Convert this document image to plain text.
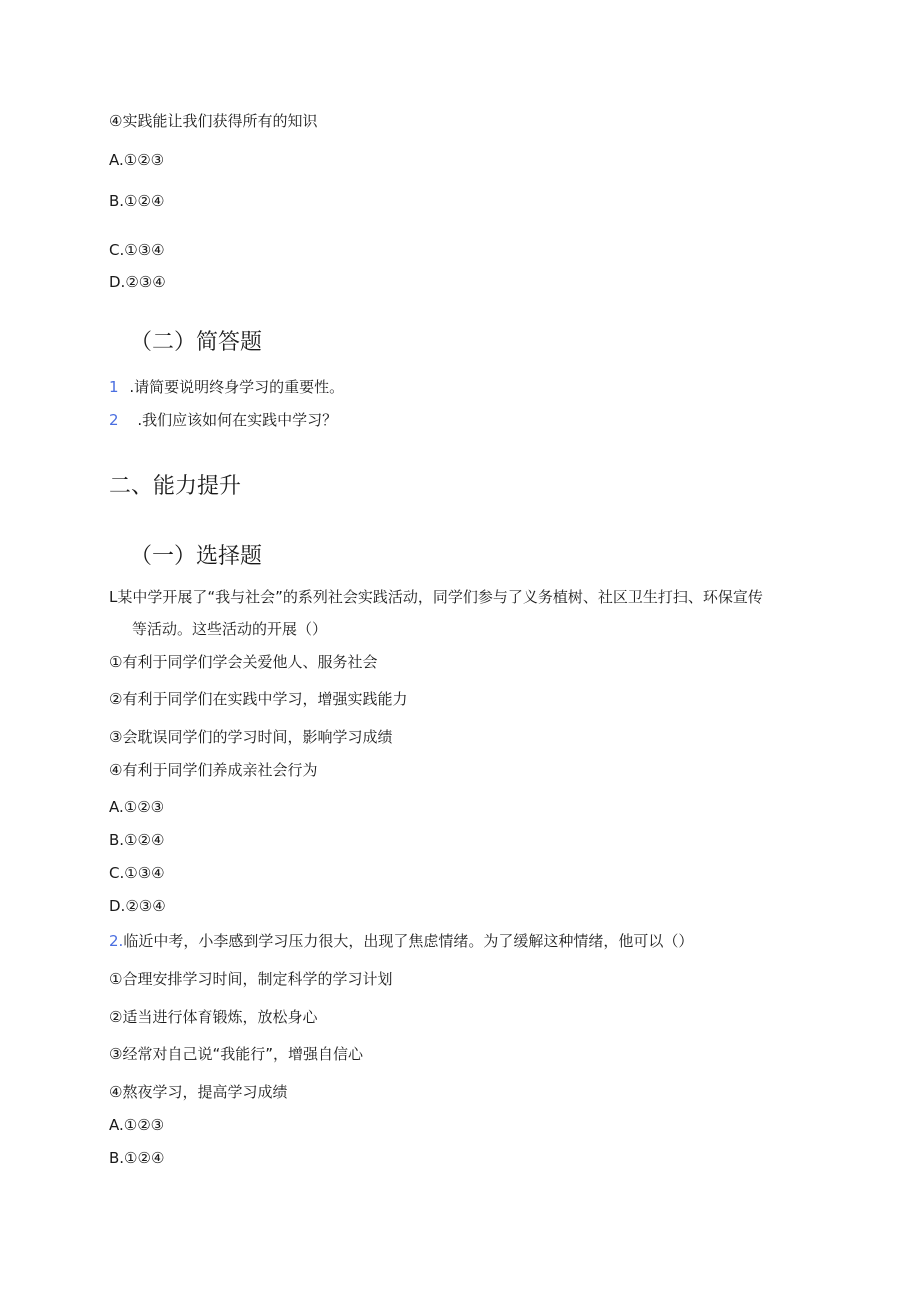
④实践能让我们获得所有的知识
A.①②③
B.①②④
C.①③④
D.②③④
（二）简答题
1 .请简要说明终身学习的重要性。
2 .我们应该如何在实践中学习？
二、能力提升
（一）选择题
L某中学开展了“我与社会”的系列社会实践活动，同学们参与了义务植树、社区卫生打扫、环保宣传
等活动。这些活动的开展（）
①有利于同学们学会关爱他人、服务社会
②有利于同学们在实践中学习，增强实践能力
③会耽误同学们的学习时间，影响学习成绩
④有利于同学们养成亲社会行为
A.①②③
B.①②④
C.①③④
D.②③④
2.临近中考，小李感到学习压力很大，出现了焦虑情绪。为了缓解这种情绪，他可以（）
①合理安排学习时间，制定科学的学习计划
②适当进行体育锻炼，放松身心
③经常对自己说“我能行”，增强自信心
④熬夜学习，提高学习成绩
A.①②③
B.①②④
